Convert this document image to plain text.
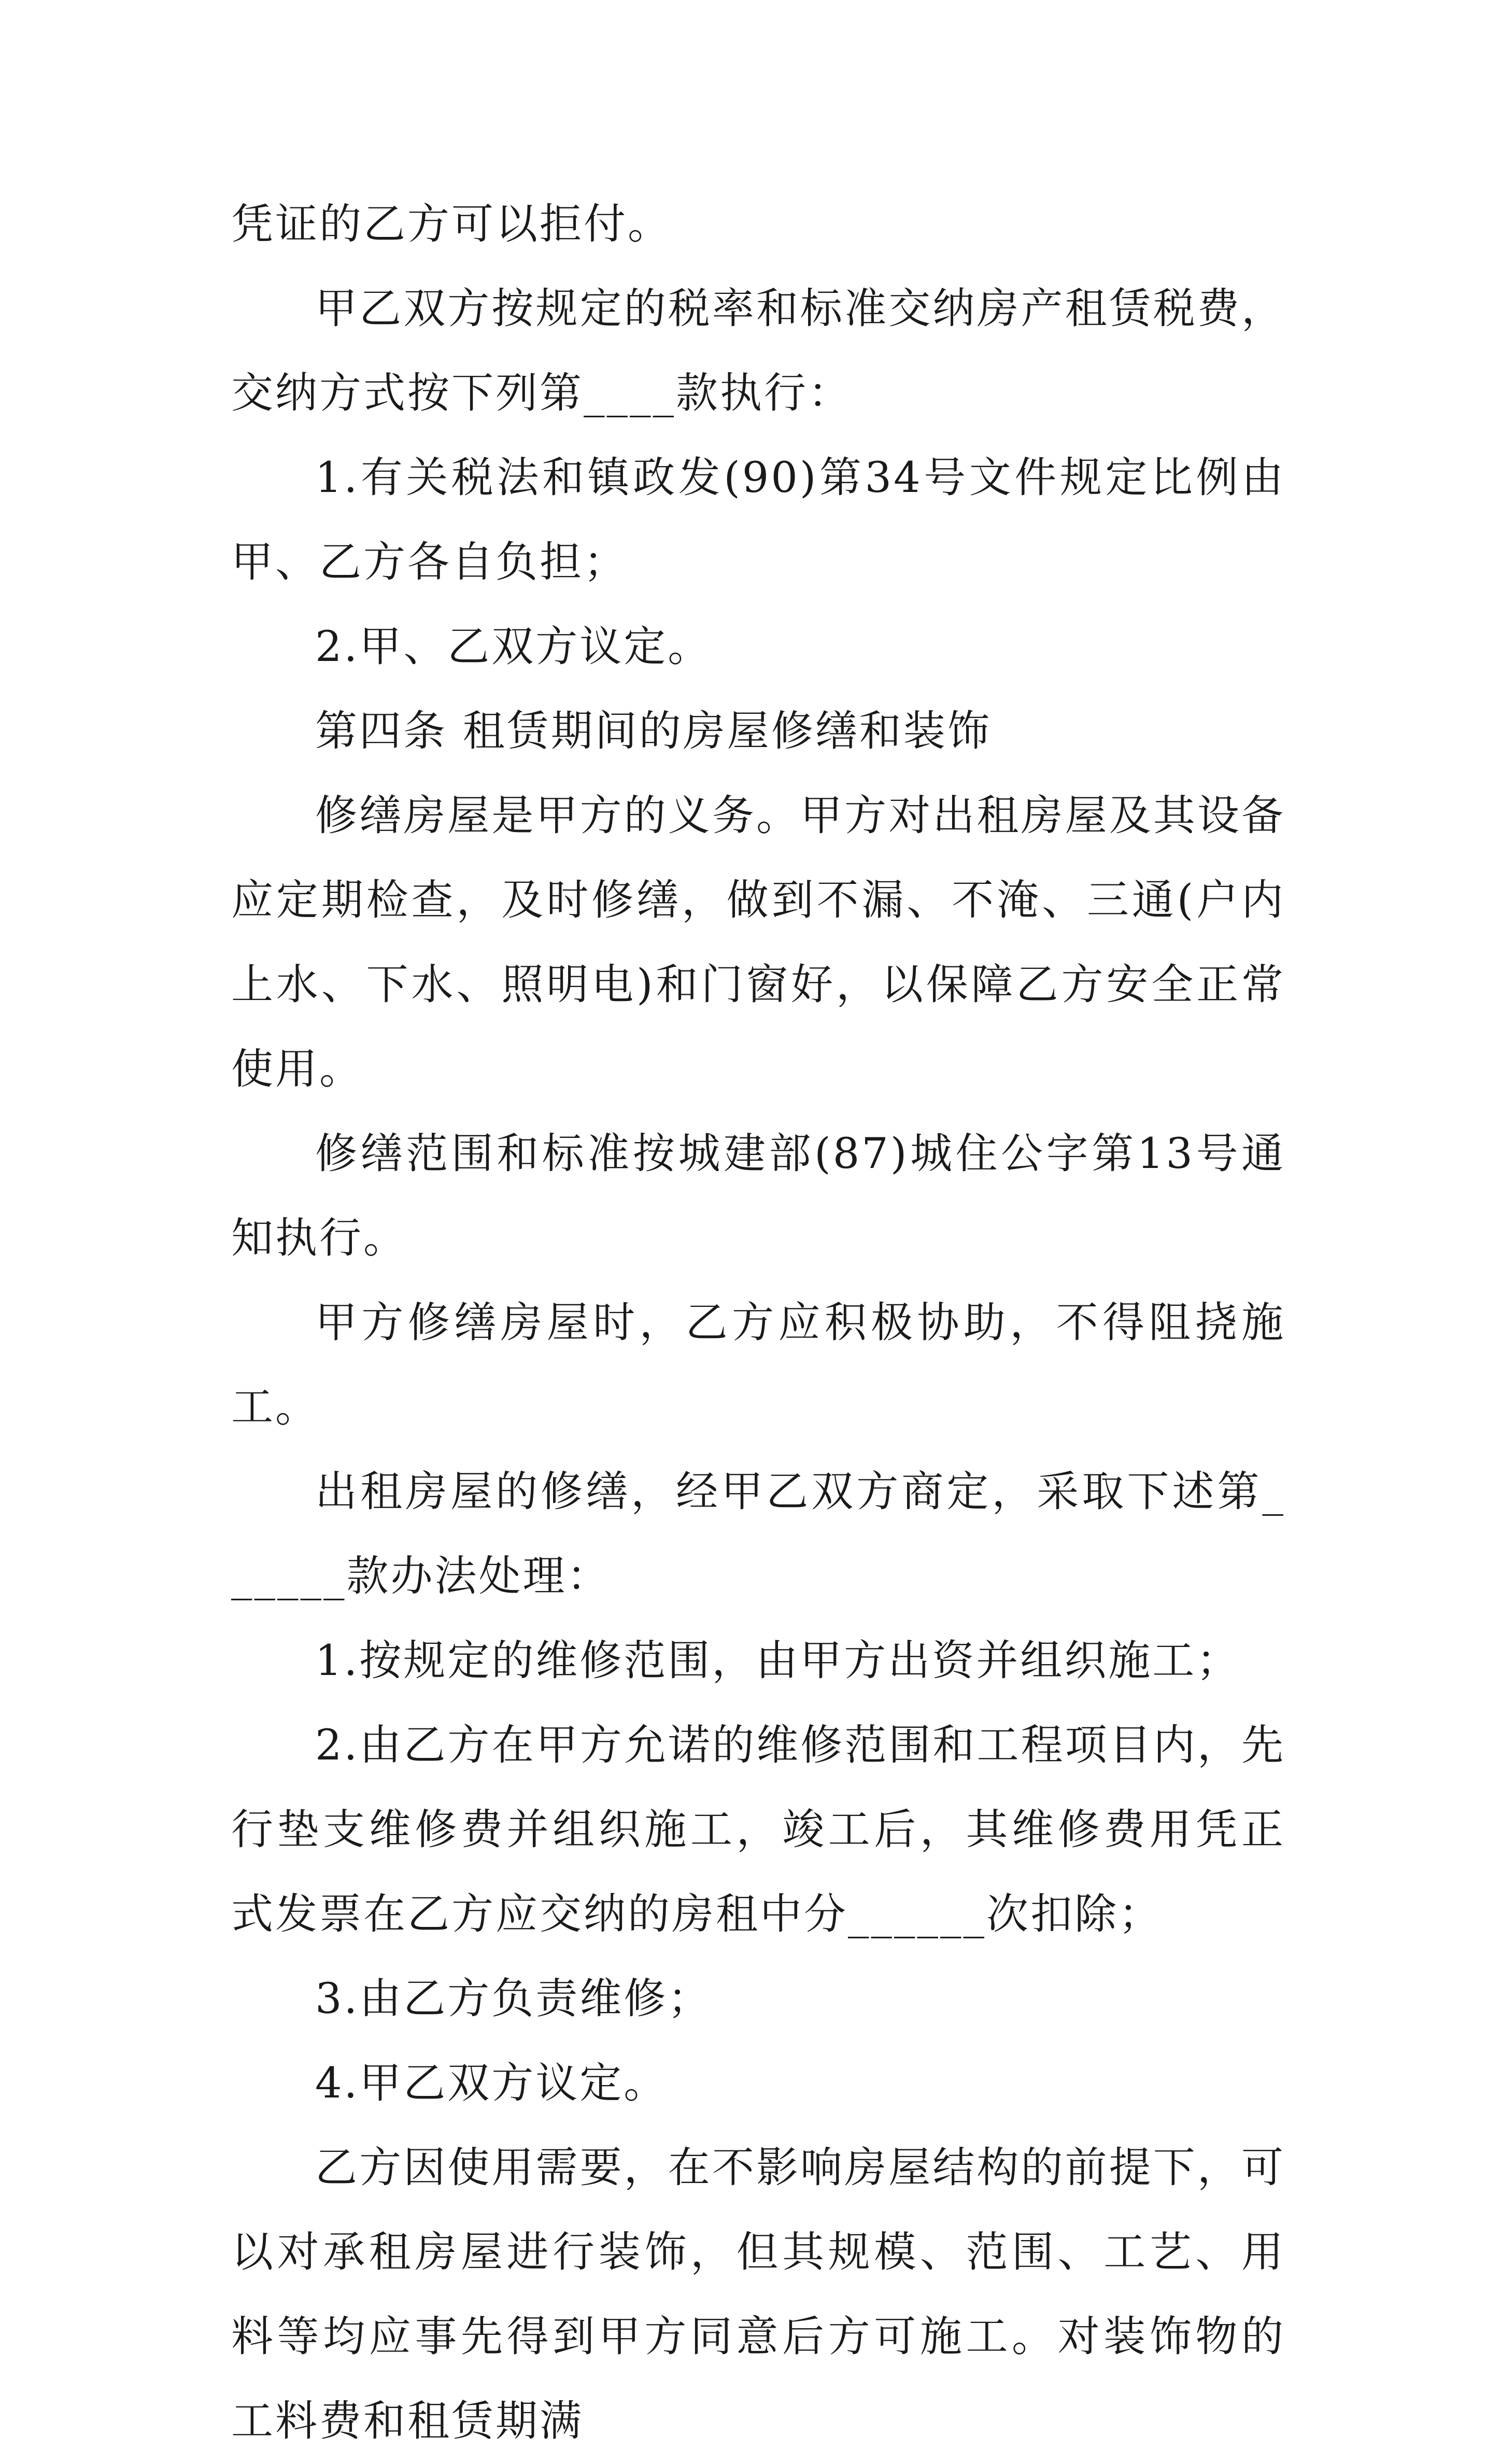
凭证的乙方可以拒付。

甲乙双方按规定的税率和标准交纳房产租赁税费，交纳方式按下列第____款执行：

1.有关税法和镇政发(90)第34号文件规定比例由甲、乙方各自负担；

2.甲、乙双方议定。

第四条 租赁期间的房屋修缮和装饰

修缮房屋是甲方的义务。甲方对出租房屋及其设备应定期检查，及时修缮，做到不漏、不淹、三通(户内上水、下水、照明电)和门窗好，以保障乙方安全正常使用。

修缮范围和标准按城建部(87)城住公字第13号通知执行。

甲方修缮房屋时，乙方应积极协助，不得阻挠施工。

出租房屋的修缮，经甲乙双方商定，采取下述第______款办法处理：

1.按规定的维修范围，由甲方出资并组织施工；

2.由乙方在甲方允诺的维修范围和工程项目内，先行垫支维修费并组织施工，竣工后，其维修费用凭正式发票在乙方应交纳的房租中分______次扣除；

3.由乙方负责维修；

4.甲乙双方议定。

乙方因使用需要，在不影响房屋结构的前提下，可以对承租房屋进行装饰，但其规模、范围、工艺、用料等均应事先得到甲方同意后方可施工。对装饰物的工料费和租赁期满
